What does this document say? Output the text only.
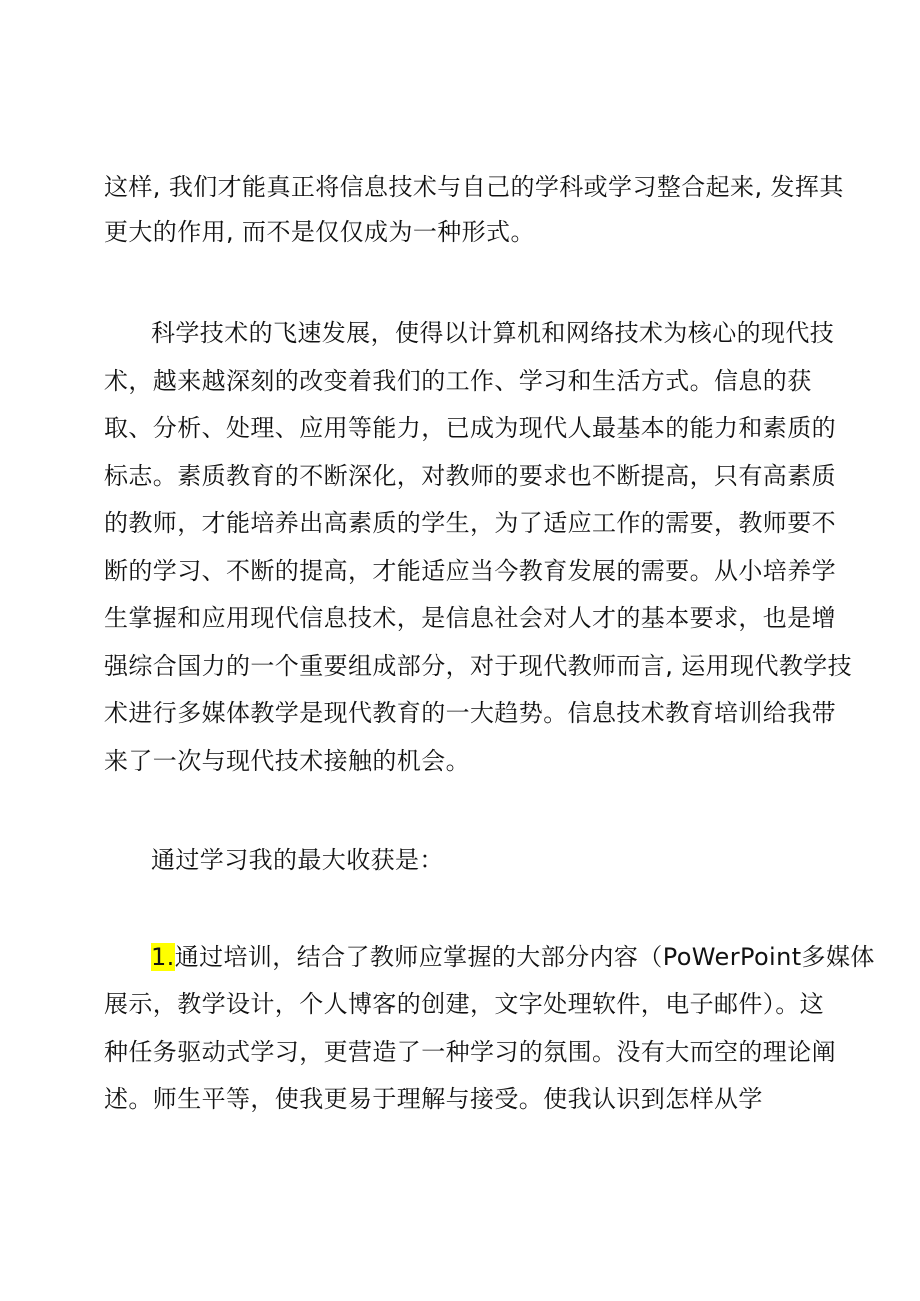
这样, 我们才能真正将信息技术与自己的学科或学习整合起来, 发挥其
更大的作用, 而不是仅仅成为一种形式。
科学技术的飞速发展，使得以计算机和网络技术为核心的现代技
术，越来越深刻的改变着我们的工作、学习和生活方式。信息的获
取、分析、处理、应用等能力，已成为现代人最基本的能力和素质的
标志。素质教育的不断深化，对教师的要求也不断提高，只有高素质
的教师，才能培养出高素质的学生，为了适应工作的需要，教师要不
断的学习、不断的提高，才能适应当今教育发展的需要。从小培养学
生掌握和应用现代信息技术，是信息社会对人才的基本要求，也是增
强综合国力的一个重要组成部分，对于现代教师而言, 运用现代教学技
术进行多媒体教学是现代教育的一大趋势。信息技术教育培训给我带
来了一次与现代技术接触的机会。
通过学习我的最大收获是：
1.通过培训，结合了教师应掌握的大部分内容（PoWerPoint多媒体
展示，教学设计，个人博客的创建，文字处理软件，电子邮件）。这
种任务驱动式学习，更营造了一种学习的氛围。没有大而空的理论阐
述。师生平等，使我更易于理解与接受。使我认识到怎样从学
